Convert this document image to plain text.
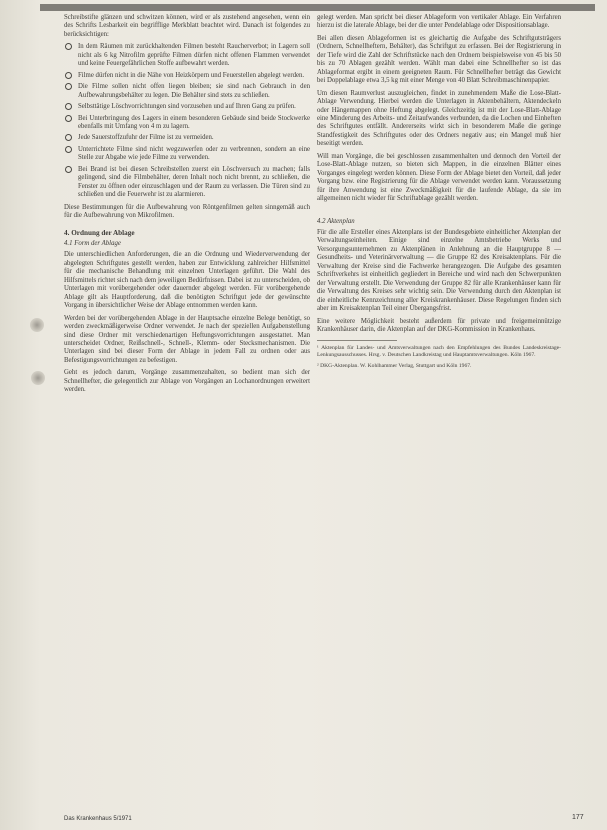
Schreibstifte glänzen und schwitzen können, wird er als zustehend angesehen, wenn ein des Schrifts Lesbarkeit ein begrifflige Merkblatt beachtet wird. Danach ist folgendes zu berücksichtigen:

In dem Räumen mit zurückhaltenden Filmen besteht Raucherverbot; in Lagern soll nicht als 6 kg Nitrofilm geprüfte Filmen dürfen nicht offenen Flammen verwendet und keine Feuergefährlichen Stoffe aufbewahrt werden.
Filme dürfen nicht in die Nähe von Heizkörpern und Feuerstellen abgelegt werden.
Die Filme sollen nicht offen liegen bleiben; sie sind nach Gebrauch in den Aufbewahrungsbehälter zu legen. Die Behälter sind stets zu schließen.
Selbsttätige Löschvorrichtungen sind vorzusehen und auf Ihren Gang zu prüfen.
Bei Unterbringung des Lagers in einem besonderen Gebäude sind beide Stockwerke ebenfalls mit Umfang von 4 m zu lagern.
Jede Sauerstoffzufuhr der Filme ist zu vermeiden.
Unterrichtete Filme sind nicht wegzuwerfen oder zu verbrennen, sondern an eine Stelle zur Abgabe wie jede Filme zu verwenden.
Bei Brand ist bei diesen Schreibstellen zuerst ein Löschversuch zu machen; falls gelingend, sind die Filmbehälter, deren Inhalt noch nicht brennt, zu schließen, die Fenster zu öffnen oder einzuschlagen und der Raum zu verlassen. Die Türen sind zu schließen und die Feuerwehr ist zu alarmieren.

Diese Bestimmungen für die Aufbewahrung von Röntgenfilmen gelten sinngemäß auch für die Aufbewahrung von Mikrofilmen.

4. Ordnung der Ablage
4.1 Form der Ablage

Die unterschiedlichen Anforderungen, die an die Ordnung und Wiederverwendung der abgelegten Schriftgutes gestellt werden, haben zur Entwicklung zahlreicher Hilfsmittel für die mechanische Behandlung mit einzelnen Unterlagen geführt. Die Wahl des Hilfsmittels richtet sich nach dem jeweiligen Bedürfnissen. Dabei ist zu unterscheiden, ob Unterlagen mit vorübergehender oder dauernder abgelegt werden. Für vorübergehende Ablage gilt als Hauptforderung, daß die benötigten Schriftgut jede der gewünschte Vorgang in übersichtlicher Weise der Ablage entnommen werden kann.

Werden bei der vorübergehenden Ablage in der Hauptsache einzelne Belege benötigt, so werden zweckmäßigerweise Ordner verwendet. Je nach der speziellen Aufgabenstellung sind diese Ordner mit verschiedenartigen Heftungsvorrichtungen ausgestattet. Man unterscheidet Ordner, Reißschnell-, Schnell-, Klemm- oder Stecksmechanismen. Die Unterlagen sind bei dieser Form der Ablage in jedem Fall zu ordnen oder aus Befestigungsvorrichtungen zu befestigen.

Geht es jedoch darum, Vorgänge zusammenzuhalten, so bedient man sich der Schnellhefter, die gelegentlich zur Ablage von Vorgängen an Lochanordnungen erweitert werden.

gelegt werden. Man spricht bei dieser Ablageform von vertikaler Ablage. Ein Verfahren hierzu ist die laterale Ablage, bei der die unter Pendelablage oder Dispositionsablage.

Bei allen diesen Ablageformen ist es gleichartig die Aufgabe des Schriftgutsträgers (Ordnern, Schnellheftern, Behälter), das Schriftgut zu erfassen. Bei der Registrierung in der Tiefe wird die Zahl der Schriftstücke nach den Ordnern beispielsweise von 45 bis 50 bis zu 70 Ablagen gezählt werden. Wählt man dabei eine Schnellhefter so ist das Ablageformat ergibt in einem geeigneten Raum. Für Schnellhefter beträgt das Gewicht bei Doppelablage etwa 3,5 kg mit einer Menge von 40 Blatt Schreibmaschinenpapier.

Um diesen Raumverlust auszugleichen, findet in zunehmendem Maße die Lose-Blatt-Ablage Verwendung. Hierbei werden die Unterlagen in Aktenbehältern, Aktendeckeln oder Hängemappen ohne Heftung abgelegt. Gleichzeitig ist mit der Lose-Blatt-Ablage eine Minderung des Arbeits- und Zeitaufwandes verbunden, da die Lochen und Einheften des Schriftgutes entfällt. Andererseits wirkt sich in besonderem Maße die geringe Standfestigkeit des Schriftgutes oder des Ordners negativ aus; ein Mangel muß hier beseitigt werden.

Will man Vorgänge, die bei geschlossen zusammenhalten und dennoch den Vorteil der Lose-Blatt-Ablage nutzen, so bieten sich Mappen, in die einzelnen Blätter eines Vorganges eingelegt werden können. Diese Form der Ablage bietet den Vorteil, daß jeder Vorgang bzw. eine Registrierung für die Ablage verwendet werden kann. Voraussetzung für ihre Anwendung ist eine Zweckmäßigkeit für die laufende Ablage, da sie im allgemeinen nicht wieder für Schriftablage gezählt werden.

4.2 Aktenplan

Für die alle Ersteller eines Aktenplans ist der Bundesgebiete einheitlicher Aktenplan der Verwaltungseinheiten. Einige sind einzelne Amtsbetriebe Werks und Versorgungsunternehmen zu Aktenplänen in Anlehnung an die Hauptgruppe 8 — Gesundheits- und Veterinärverwaltung — die Gruppe 82 des Kreisaktenplans. Für die Verwaltung der Kreise sind die Fachwerke herangezogen. Die Aufgabe des gesamten Schriftverkehrs ist einheitlich gegliedert in Bereiche und wird nach den Schwerpunkten der Verwaltung erstellt. Die Verwendung der Gruppe 82 für alle Krankenhäuser kann für die Verwaltung des Kreises sehr wichtig sein. Die Verwendung durch den Aktenplan ist die einheitliche Kennzeichnung aller Kreiskrankenhäuser. Diese Regelungen finden sich aber im Kreisaktenplan Teil einer Übergangsfrist.

Eine weitere Möglichkeit besteht außerdem für private und freigemeinnützige Krankenhäuser darin, die Aktenplan auf der DKG-Kommission in Krankenhaus.

¹ Aktenplan für Landes- und Amtsverwaltungen nach den Empfehlungen des Bundes Landeskreistage-Lenkungsausschusses. Hrsg. v. Deutschen Landkreistag und Hauptamtsverwaltungen. Köln 1967.

² DKG-Aktenplan. W. Kohlhammer Verlag, Stuttgart und Köln 1967.

Das Krankenhaus 5/1971	177
